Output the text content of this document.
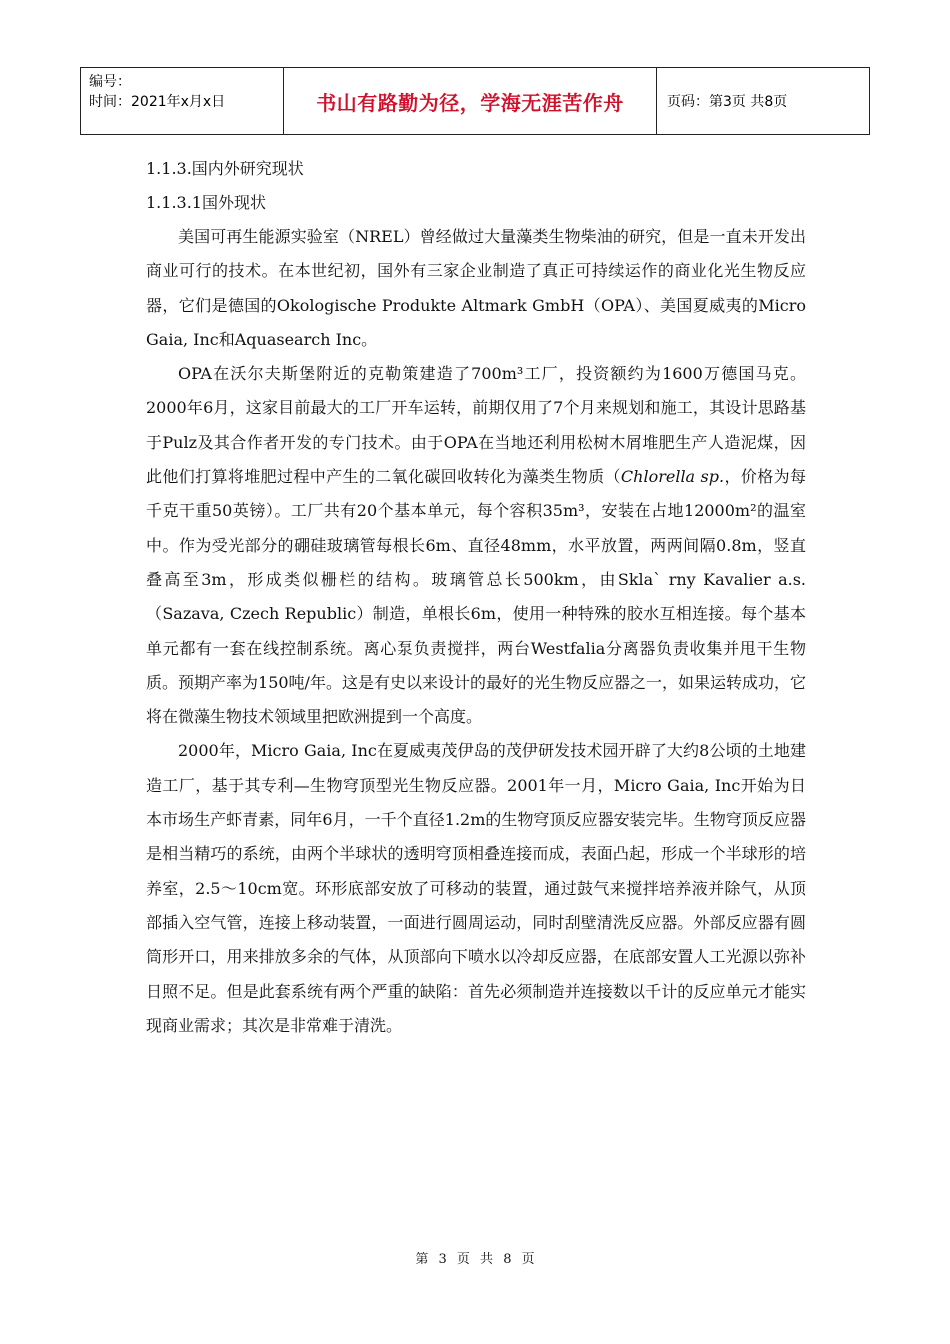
编号：
时间：2021年x月x日	书山有路勤为径，学海无涯苦作舟	页码：第3页 共8页

1.1.3.国内外研究现状

1.1.3.1国外现状

美国可再生能源实验室（NREL）曾经做过大量藻类生物柴油的研究，但是一直未开发出商业可行的技术。在本世纪初，国外有三家企业制造了真正可持续运作的商业化光生物反应器，它们是德国的Okologische Produkte Altmark GmbH（OPA）、美国夏威夷的Micro Gaia, Inc和Aquasearch Inc。

OPA在沃尔夫斯堡附近的克勒策建造了700m³工厂，投资额约为1600万德国马克。2000年6月，这家目前最大的工厂开车运转，前期仅用了7个月来规划和施工，其设计思路基于Pulz及其合作者开发的专门技术。由于OPA在当地还利用松树木屑堆肥生产人造泥煤，因此他们打算将堆肥过程中产生的二氧化碳回收转化为藻类生物质（Chlorella sp.，价格为每千克干重50英镑）。工厂共有20个基本单元，每个容积35m³，安装在占地12000m²的温室中。作为受光部分的硼硅玻璃管每根长6m、直径48mm，水平放置，两两间隔0.8m，竖直叠高至3m，形成类似栅栏的结构。玻璃管总长500km，由Skla` rny Kavalier a.s.（Sazava, Czech Republic）制造，单根长6m，使用一种特殊的胶水互相连接。每个基本单元都有一套在线控制系统。离心泵负责搅拌，两台Westfalia分离器负责收集并甩干生物质。预期产率为150吨/年。这是有史以来设计的最好的光生物反应器之一，如果运转成功，它将在微藻生物技术领域里把欧洲提到一个高度。

2000年，Micro Gaia, Inc在夏威夷茂伊岛的茂伊研发技术园开辟了大约8公顷的土地建造工厂，基于其专利—生物穹顶型光生物反应器。2001年一月，Micro Gaia, Inc开始为日本市场生产虾青素，同年6月，一千个直径1.2m的生物穹顶反应器安装完毕。生物穹顶反应器是相当精巧的系统，由两个半球状的透明穹顶相叠连接而成，表面凸起，形成一个半球形的培养室，2.5～10cm宽。环形底部安放了可移动的装置，通过鼓气来搅拌培养液并除气，从顶部插入空气管，连接上移动装置，一面进行圆周运动，同时刮壁清洗反应器。外部反应器有圆筒形开口，用来排放多余的气体，从顶部向下喷水以冷却反应器，在底部安置人工光源以弥补日照不足。但是此套系统有两个严重的缺陷：首先必须制造并连接数以千计的反应单元才能实现商业需求；其次是非常难于清洗。

第 3 页 共 8 页
